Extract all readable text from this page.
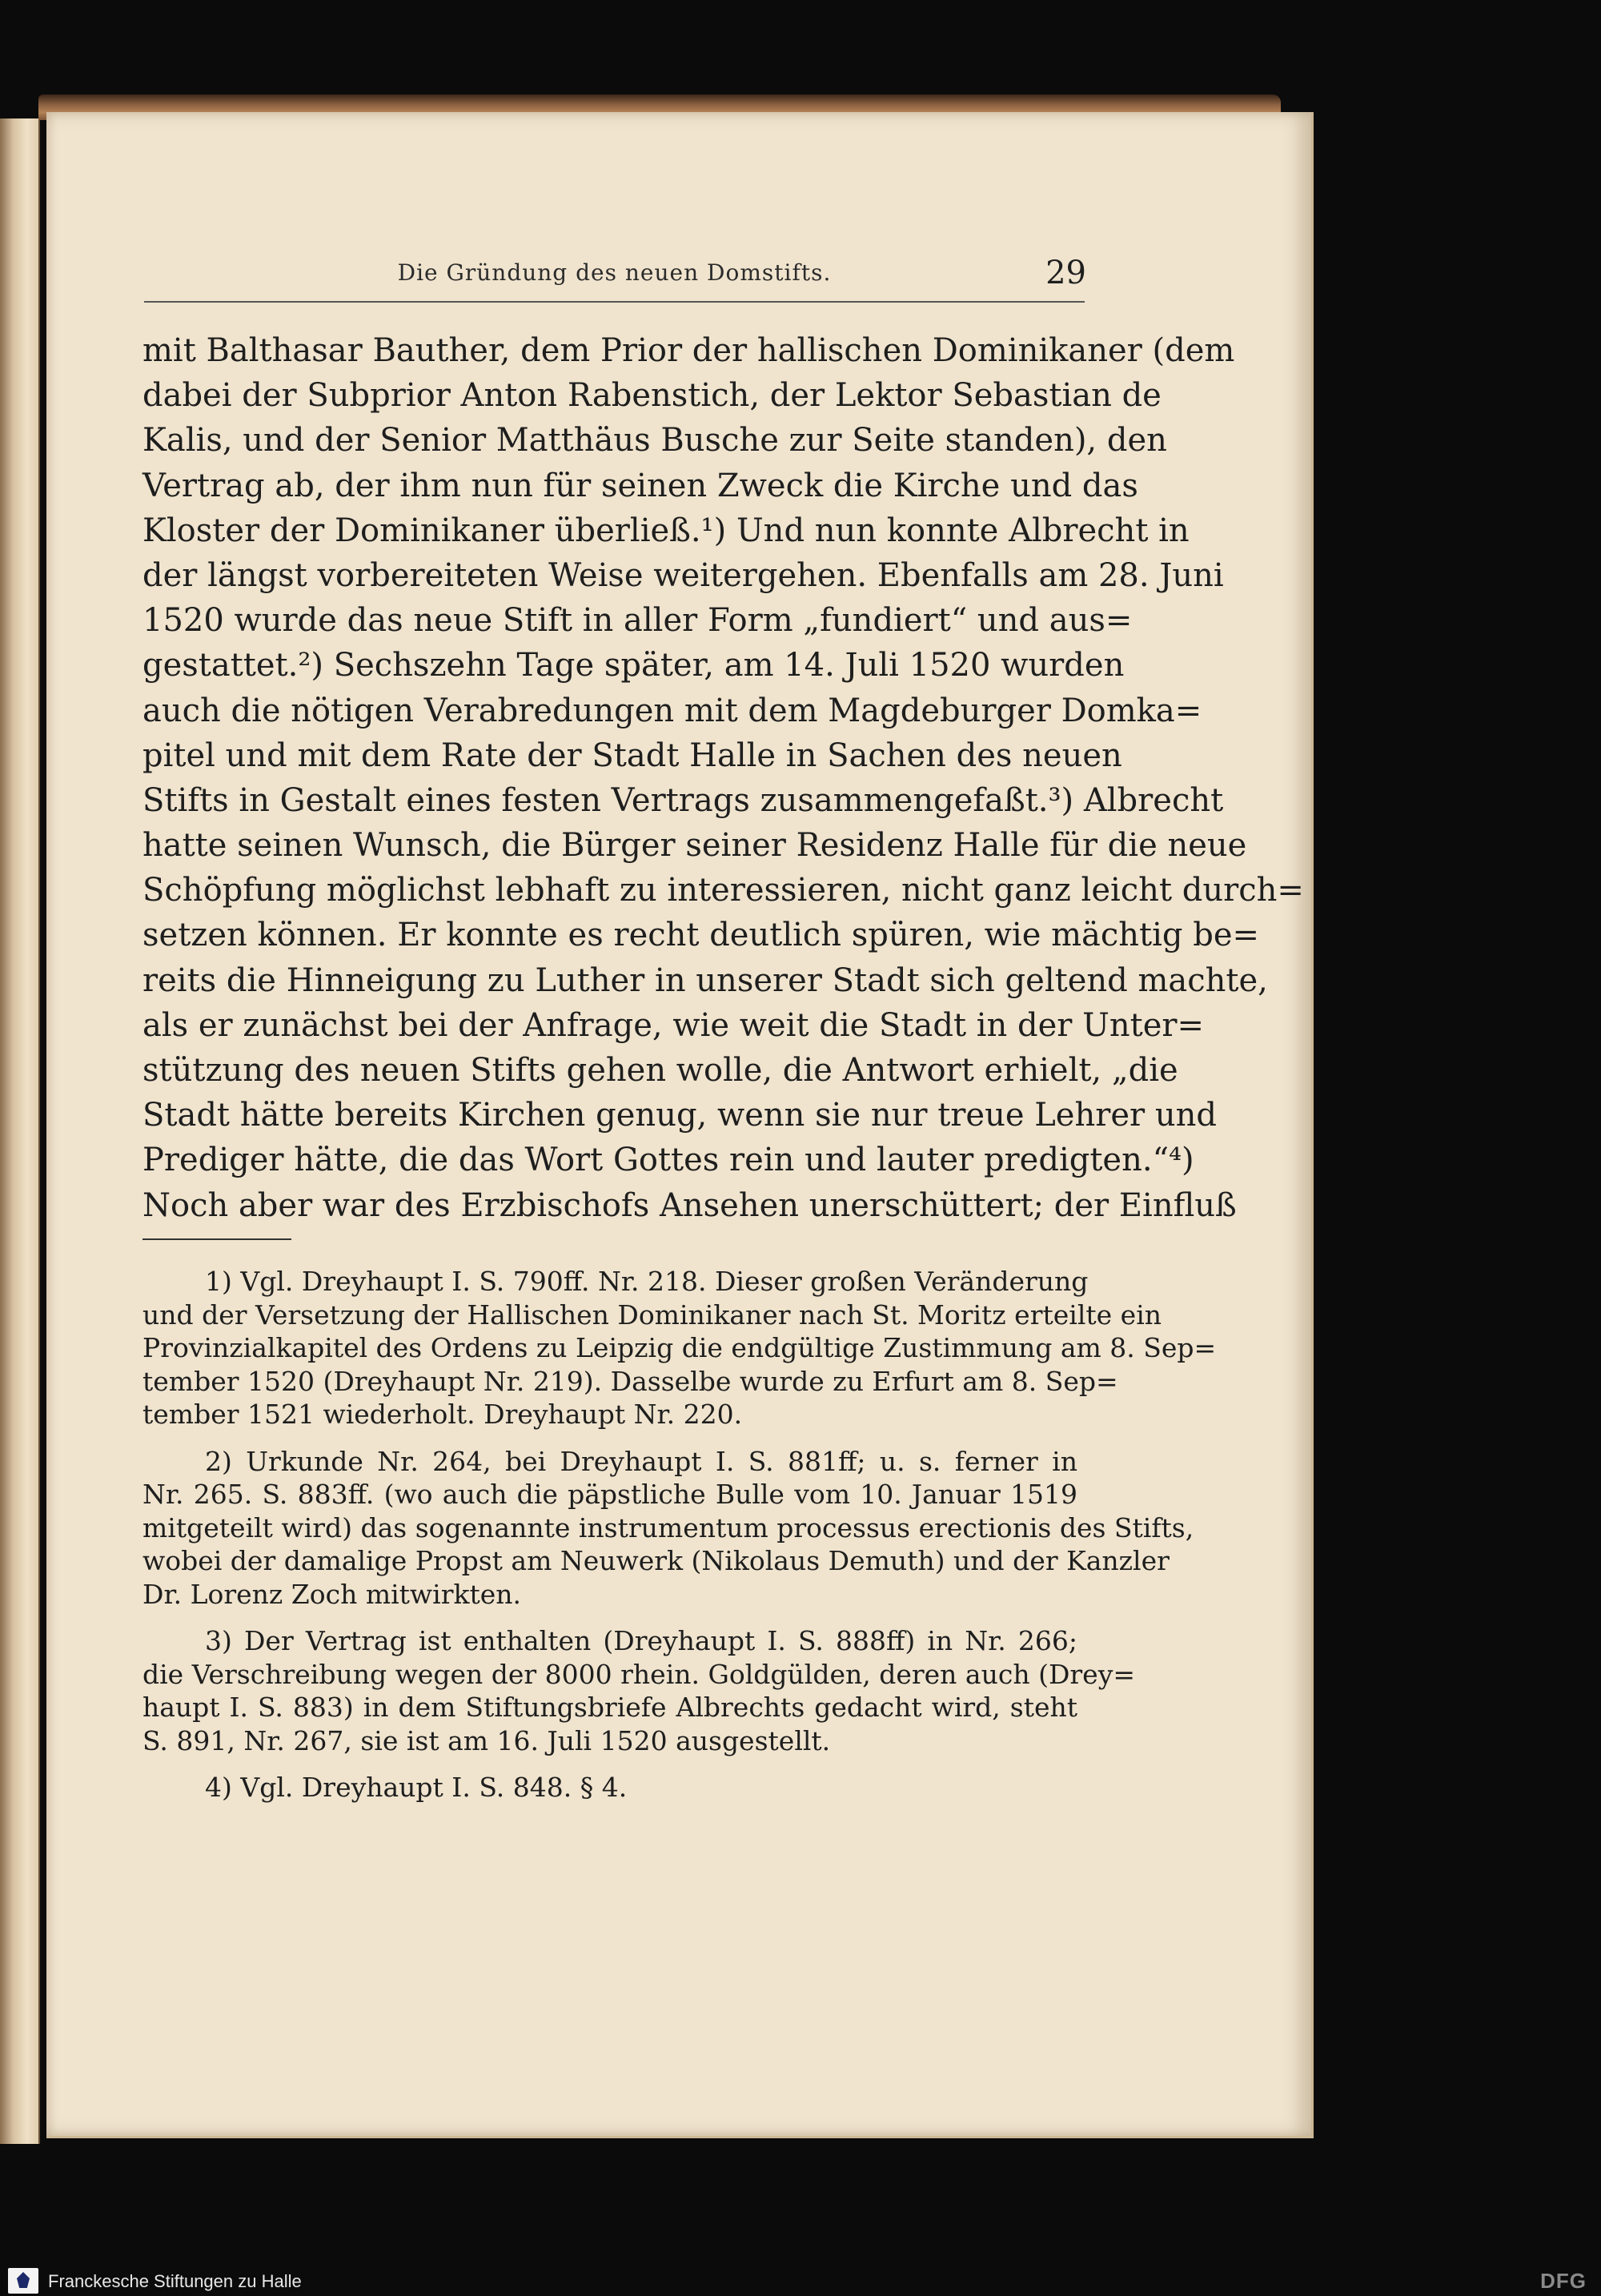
Die Gründung des neuen Domstifts.	29
mit Balthasar Bauther, dem Prior der hallischen Dominikaner (dem
dabei der Subprior Anton Rabenstich, der Lektor Sebastian de
Kalis, und der Senior Matthäus Busche zur Seite standen), den
Vertrag ab, der ihm nun für seinen Zweck die Kirche und das
Kloster der Dominikaner überließ.¹) Und nun konnte Albrecht in
der längst vorbereiteten Weise weitergehen. Ebenfalls am 28. Juni
1520 wurde das neue Stift in aller Form „fundiert“ und aus=
gestattet.²) Sechszehn Tage später, am 14. Juli 1520 wurden
auch die nötigen Verabredungen mit dem Magdeburger Domka=
pitel und mit dem Rate der Stadt Halle in Sachen des neuen
Stifts in Gestalt eines festen Vertrags zusammengefaßt.³) Albrecht
hatte seinen Wunsch, die Bürger seiner Residenz Halle für die neue
Schöpfung möglichst lebhaft zu interessieren, nicht ganz leicht durch=
setzen können. Er konnte es recht deutlich spüren, wie mächtig be=
reits die Hinneigung zu Luther in unserer Stadt sich geltend machte,
als er zunächst bei der Anfrage, wie weit die Stadt in der Unter=
stützung des neuen Stifts gehen wolle, die Antwort erhielt, „die
Stadt hätte bereits Kirchen genug, wenn sie nur treue Lehrer und
Prediger hätte, die das Wort Gottes rein und lauter predigten.“⁴)
Noch aber war des Erzbischofs Ansehen unerschüttert; der Einfluß
1) Vgl. Dreyhaupt I. S. 790ff. Nr. 218. Dieser großen Veränderung
und der Versetzung der Hallischen Dominikaner nach St. Moritz erteilte ein
Provinzialkapitel des Ordens zu Leipzig die endgültige Zustimmung am 8. Sep=
tember 1520 (Dreyhaupt Nr. 219). Dasselbe wurde zu Erfurt am 8. Sep=
tember 1521 wiederholt. Dreyhaupt Nr. 220.
2) Urkunde Nr. 264, bei Dreyhaupt I. S. 881ff; u. s. ferner in
Nr. 265. S. 883ff. (wo auch die päpstliche Bulle vom 10. Januar 1519
mitgeteilt wird) das sogenannte instrumentum processus erectionis des Stifts,
wobei der damalige Propst am Neuwerk (Nikolaus Demuth) und der Kanzler
Dr. Lorenz Zoch mitwirkten.
3) Der Vertrag ist enthalten (Dreyhaupt I. S. 888ff) in Nr. 266;
die Verschreibung wegen der 8000 rhein. Goldgülden, deren auch (Drey=
haupt I. S. 883) in dem Stiftungsbriefe Albrechts gedacht wird, steht
S. 891, Nr. 267, sie ist am 16. Juli 1520 ausgestellt.
4) Vgl. Dreyhaupt I. S. 848. § 4.
Franckesche Stiftungen zu Halle	DFG
